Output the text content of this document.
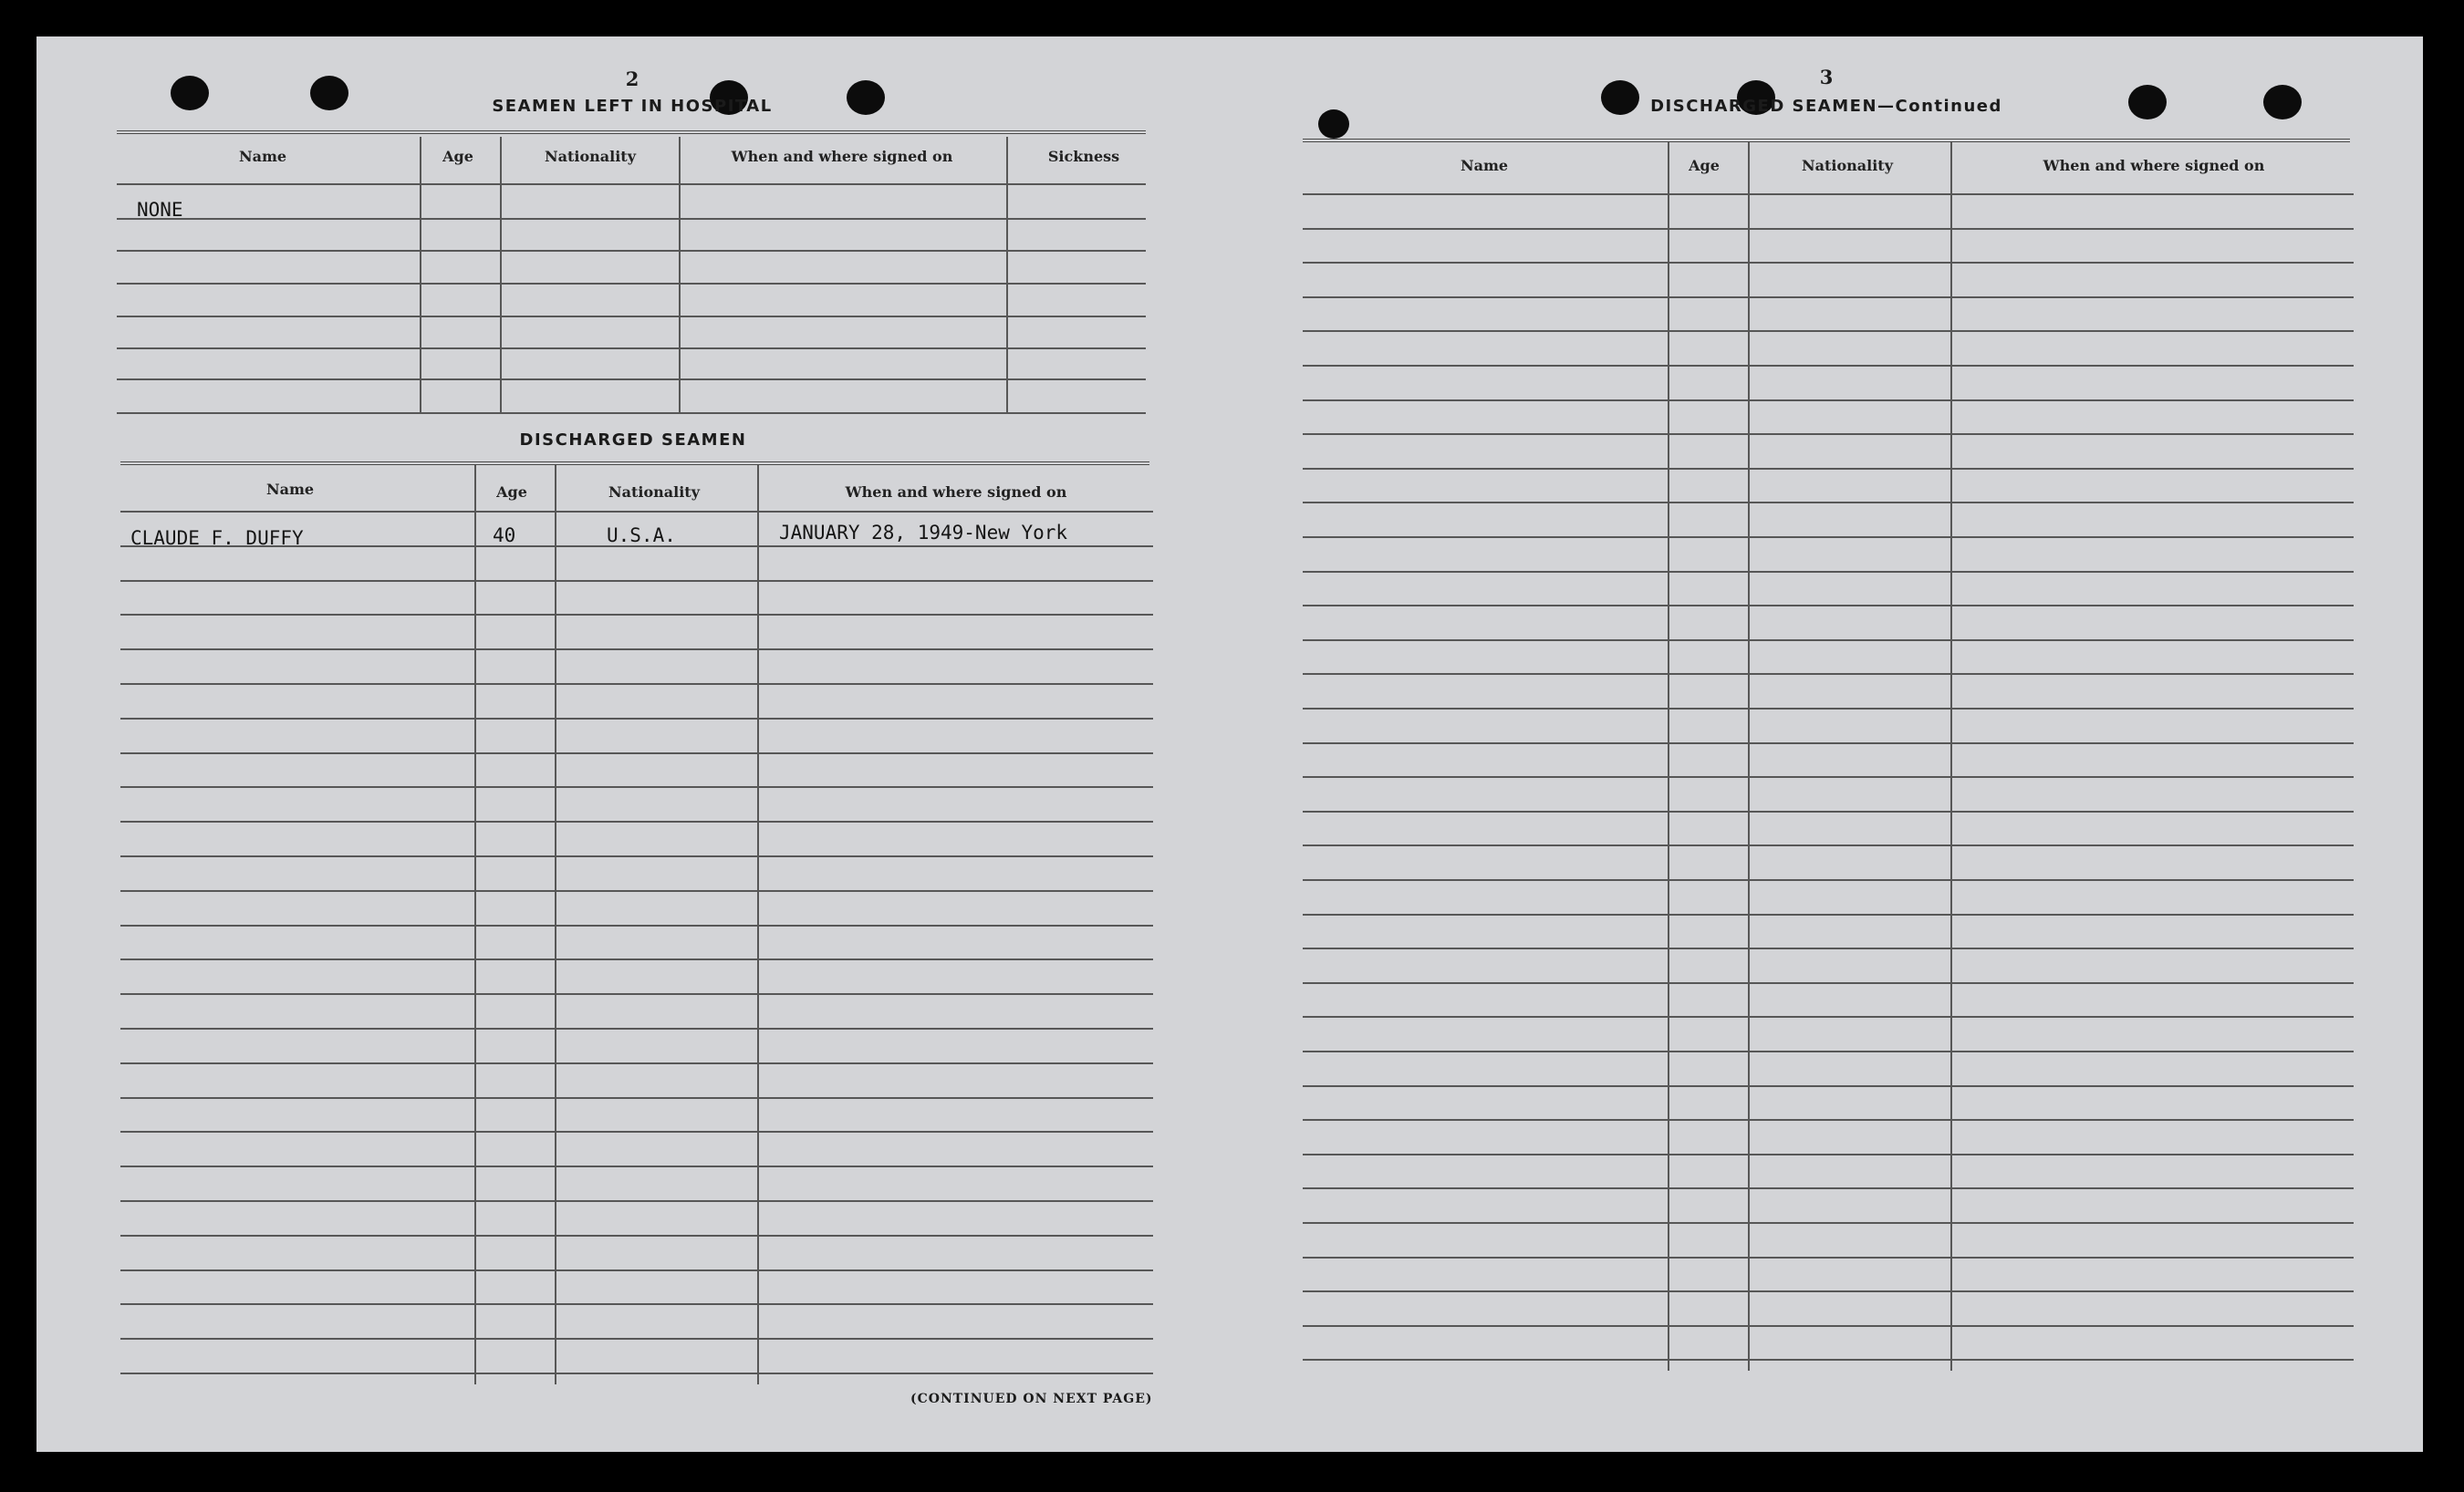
2
SEAMEN LEFT IN HOSPITAL
Name	Age	Nationality	When and where signed on	Sickness
NONE
DISCHARGED SEAMEN
Name	Age	Nationality	When and where signed on
CLAUDE F. DUFFY	40	U.S.A.	JANUARY 28, 1949-New York
(CONTINUED ON NEXT PAGE)
3
DISCHARGED SEAMEN—Continued
Name	Age	Nationality	When and where signed on
